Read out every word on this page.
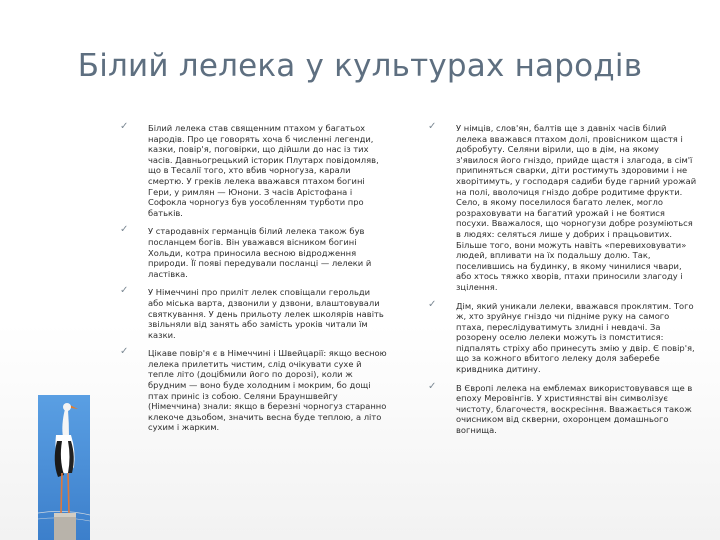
Білий лелека у культурах народів
✓ Білий лелека став священним птахом у багатьох народів. Про це говорять хоча б численні легенди, казки, повір'я, поговірки, що дійшли до нас із тих часів. Давньогрецький історик Плутарх повідомляв, що в Тесалії того, хто вбив чорногуза, карали смертю. У греків лелека вважався птахом богині Гери, у римлян — Юнони. З часів Арістофана і Софокла чорногуз був уособленням турботи про батьків.
✓ У стародавніх германців білий лелека також був посланцем богів. Він уважався вісником богині Хольди, котра приносила весною відродження природи. Її появі передували посланці — лелеки й ластівка.
✓ У Німеччині про приліт лелек сповіщали герольди або міська варта, дзвонили у дзвони, влаштовували святкування. У день прильоту лелек школярів навіть звільняли від занять або замість уроків читали їм казки.
✓ Цікаве повір'я є в Німеччині і Швейцарії: якщо весною лелека прилетить чистим, слід очікувати сухе й тепле літо (доцібмили його по дорозі), коли ж брудним — воно буде холодним і мокрим, бо дощі птах приніс із собою. Селяни Брауншвейгу (Німеччина) знали: якщо в березні чорногуз старанно клекоче дзьобом, значить весна буде теплою, а літо сухим і жарким.
✓ У німців, слов'ян, балтів ще з давніх часів білий лелека вважався птахом долі, провісником щастя і добробуту. Селяни вірили, що в дім, на якому з'явилося його гніздо, прийде щастя і злагода, в сім'ї припиняться сварки, діти ростимуть здоровими і не хворітимуть, у господаря садиби буде гарний урожай на полі, вволочиця гніздо добре родитиме фрукти. Село, в якому поселилося багато лелек, могло розраховувати на багатий урожай і не боятися посухи. Вважалося, що чорногузи добре розуміються в людях: селяться лише у добрих і працьовитих. Більше того, вони можуть навіть «перевиховувати» людей, впливати на їх подальшу долю. Так, поселившись на будинку, в якому чинилися чвари, або хтось тяжко хворів, птахи приносили злагоду і зцілення.
✓ Дім, який уникали лелеки, вважався проклятим. Того ж, хто зруйнує гніздо чи підніме руку на самого птаха, переслідуватимуть злидні і невдачі. За розорену оселю лелеки можуть із помститися: підпалять стріху або принесуть змію у двір. Є повір'я, що за кожного вбитого лелеку доля заберебе кривдника дитину.
✓ В Європі лелека на емблемах використовувався ще в епоху Меровінгів. У християнстві він символізує чистоту, благочестя, воскресіння. Вважається також очисником від скверни, охоронцем домашнього вогнища.
